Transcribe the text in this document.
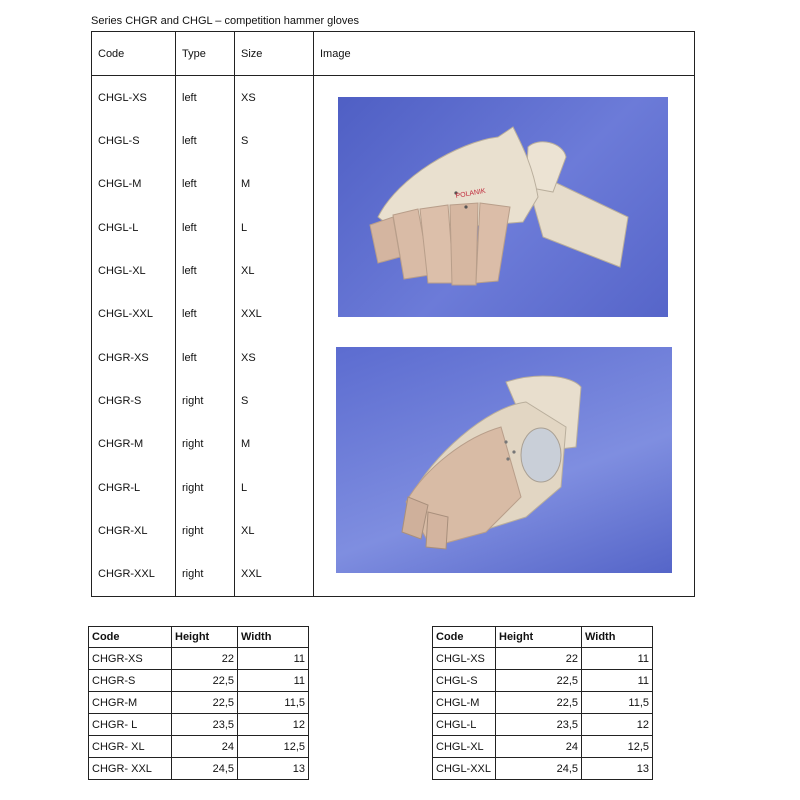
Series CHGR and CHGL – competition hammer gloves
Code	Type	Size	Image
CHGL-XS	left	XS	POLANIK

CHGL-S	left	S	
CHGL-M	left	M	
CHGL-L	left	L	
CHGL-XL	left	XL	
CHGL-XXL	left	XXL	
CHGR-XS	left	XS	
CHGR-S	right	S	
CHGR-M	right	M	
CHGR-L	right	L	
CHGR-XL	right	XL	
CHGR-XXL	right	XXL	
Code	Height	Width
CHGR-XS	22	11
CHGR-S	22,5	11
CHGR-M	22,5	11,5
CHGR- L	23,5	12
CHGR- XL	24	12,5
CHGR- XXL	24,5	13
Code	Height	Width
CHGL-XS	22	11
CHGL-S	22,5	11
CHGL-M	22,5	11,5
CHGL-L	23,5	12
CHGL-XL	24	12,5
CHGL-XXL	24,5	13
